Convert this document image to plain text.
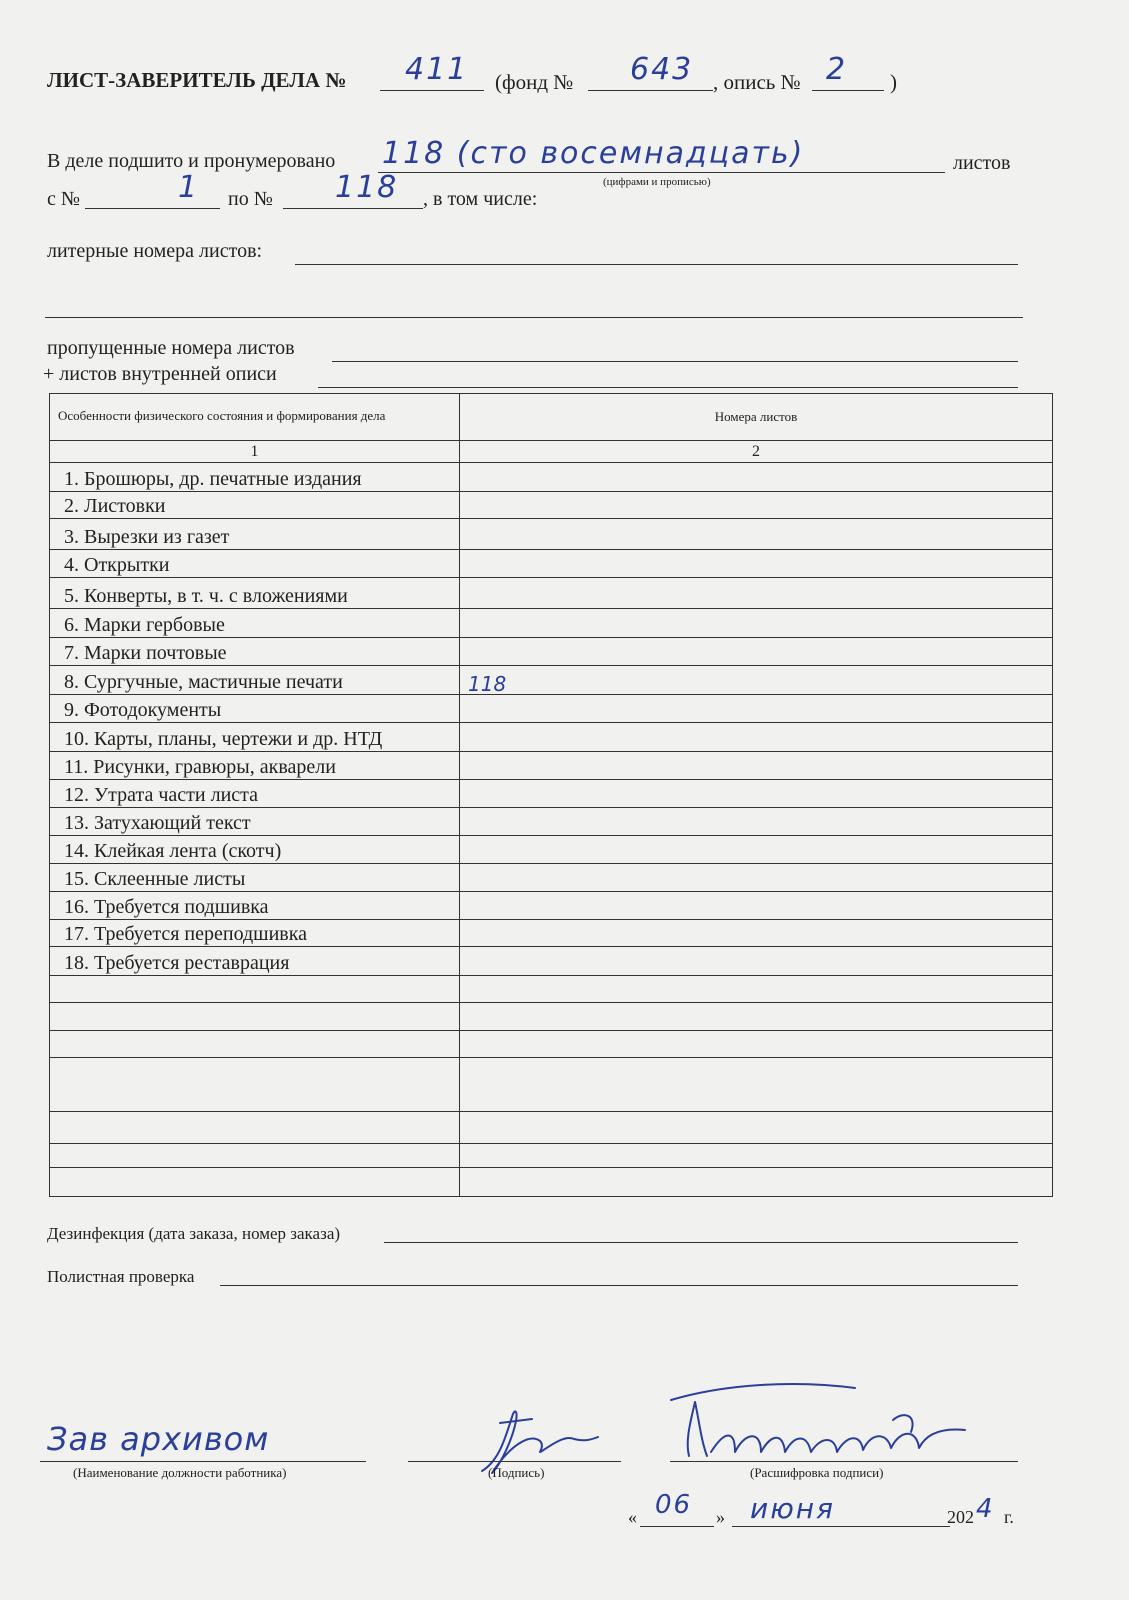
ЛИСТ-ЗАВЕРИТЕЛЬ ДЕЛА № 411 (фонд № 643 , опись № 2 )
В деле подшито и пронумеровано 118 (сто восемнадцать)
(цифрами и прописью)
листов
с №	1 по № 118 , в том числе:
литерные номера листов:
пропущенные номера листов
+ листов внутренней описи
Особенности физического состояния и формирования дела	Номера листов
1	2
1. Брошюры, др. печатные издания	
2. Листовки	
3. Вырезки из газет	
4. Открытки	
5. Конверты, в т. ч. с вложениями	
6. Марки гербовые	
7. Марки почтовые	
8. Сургучные, мастичные печати	118
9. Фотодокументы	
10. Карты, планы, чертежи и др. НТД	
11. Рисунки, гравюры, акварели	
12. Утрата части листа	
13. Затухающий текст	
14. Клейкая лента (скотч)	
15. Склеенные листы	
16. Требуется подшивка	
17. Требуется переподшивка	
18. Требуется реставрация	

Дезинфекция (дата заказа, номер заказа)
Полистная проверка
Зав архивом
(Наименование должности работника)	(Подпись)	(Расшифровка подписи)
« 06 » июня	202 4 г.
